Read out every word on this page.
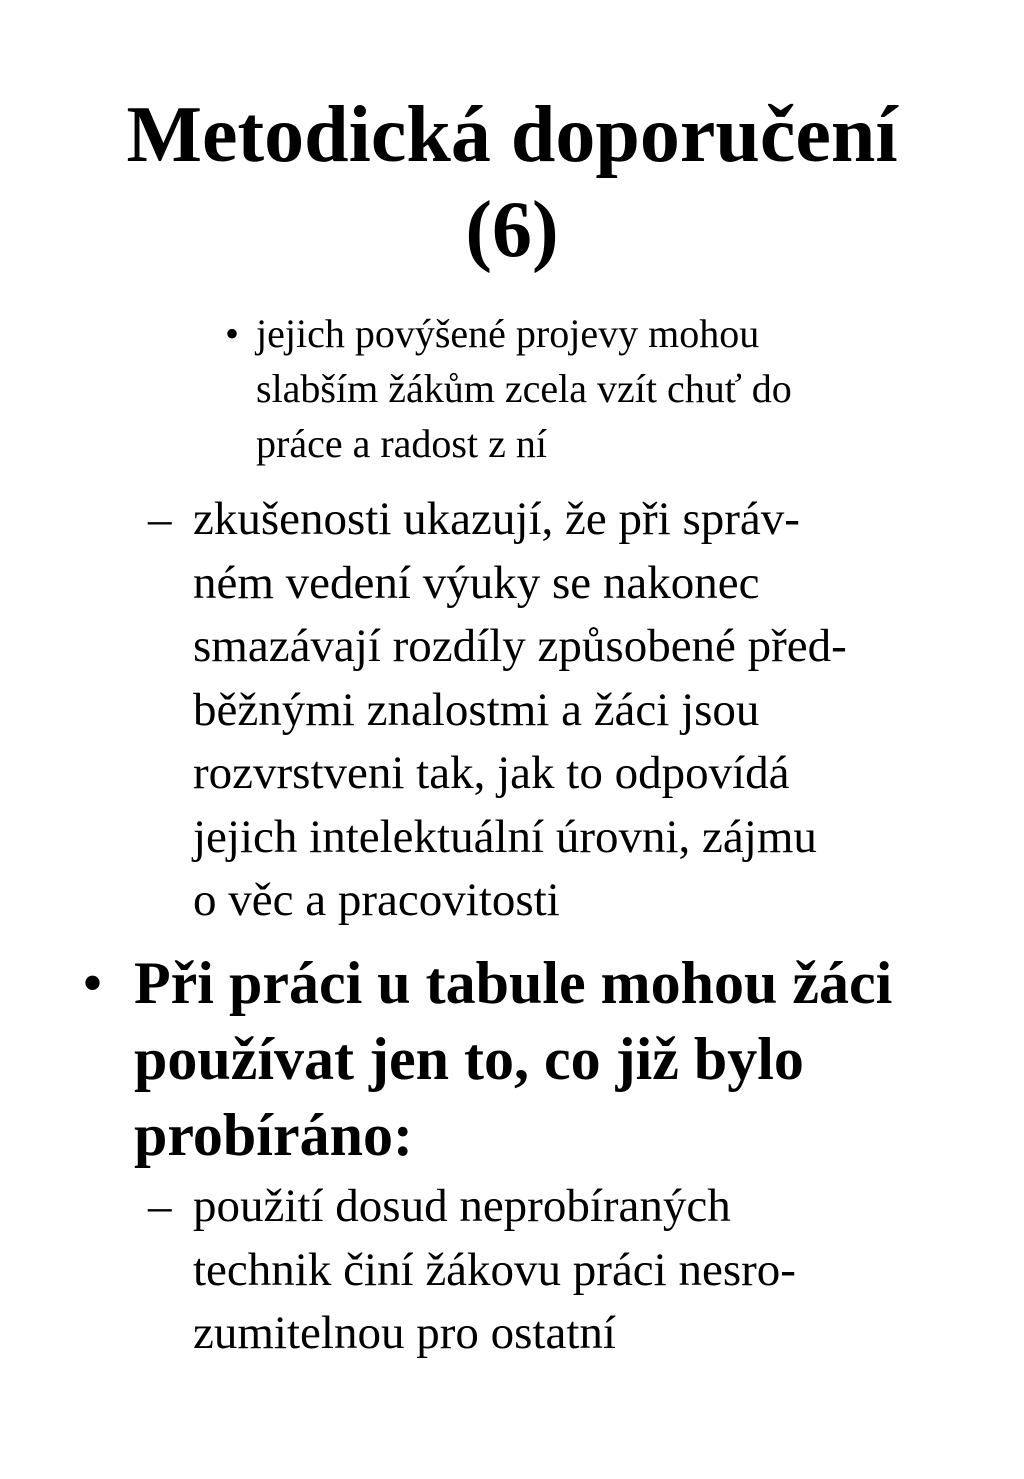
Metodická doporučení
(6)
• jejich povýšené projevy mohou
slabším žákům zcela vzít chuť do
práce a radost z ní
– zkušenosti ukazují, že při správ-
ném vedení výuky se nakonec
smazávají rozdíly způsobené před-
běžnými znalostmi a žáci jsou
rozvrstveni tak, jak to odpovídá
jejich intelektuální úrovni, zájmu
o věc a pracovitosti
• Při práci u tabule mohou žáci
používat jen to, co již bylo
probíráno:
– použití dosud neprobíraných
technik činí žákovu práci nesro-
zumitelnou pro ostatní
